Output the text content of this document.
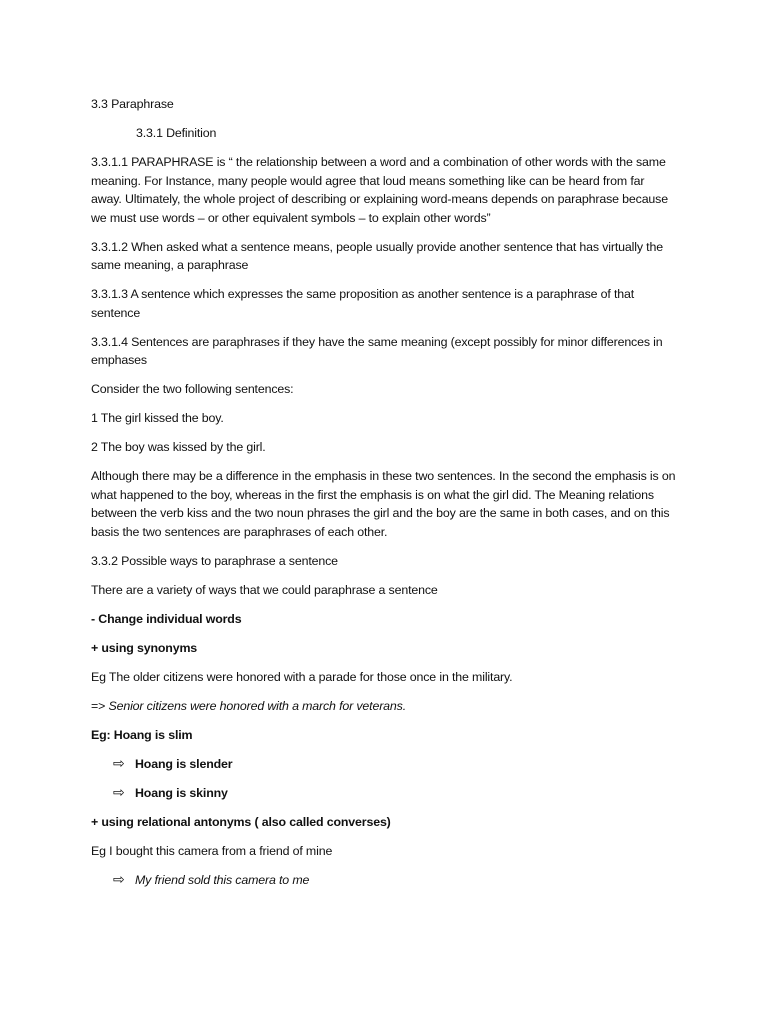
3.3 Paraphrase

3.3.1 Definition

3.3.1.1 PARAPHRASE is “ the relationship between a word and a combination of other words with the same meaning. For Instance, many people would agree that loud means something like can be heard from far away. Ultimately, the whole project of describing or explaining word-means depends on paraphrase because we must use words – or other equivalent symbols – to explain other words”

3.3.1.2 When asked what a sentence means, people usually provide another sentence that has virtually the same meaning, a paraphrase

3.3.1.3 A sentence which expresses the same proposition as another sentence is a paraphrase of that sentence

3.3.1.4 Sentences are paraphrases if they have the same meaning (except possibly for minor differences in emphases

Consider the two following sentences:

1 The girl kissed the boy.

2 The boy was kissed by the girl.

Although there may be a difference in the emphasis in these two sentences. In the second the emphasis is on what happened to the boy, whereas in the first the emphasis is on what the girl did. The Meaning relations between the verb kiss and the two noun phrases the girl and the boy are the same in both cases, and on this basis the two sentences are paraphrases of each other.

3.3.2 Possible ways to paraphrase a sentence

There are a variety of ways that we could paraphrase a sentence

- Change individual words

+ using synonyms

Eg The older citizens were honored with a parade for those once in the military.

=> Senior citizens were honored with a march for veterans.

Eg: Hoang is slim

⇨ Hoang is slender
⇨ Hoang is skinny

+ using relational antonyms ( also called converses)

Eg I bought this camera from a friend of mine

⇨ My friend sold this camera to me
